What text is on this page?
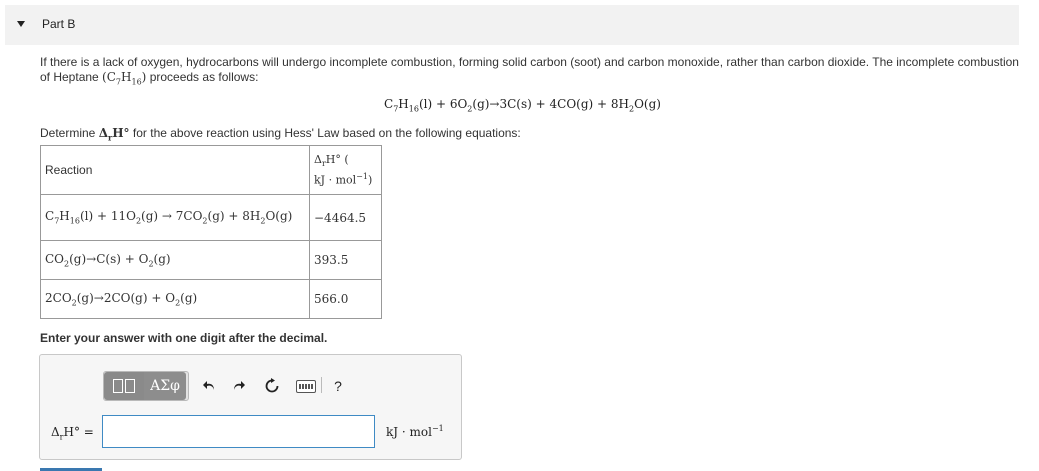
Part B
If there is a lack of oxygen, hydrocarbons will undergo incomplete combustion, forming solid carbon (soot) and carbon monoxide, rather than carbon dioxide. The incomplete combustion of Heptane $(C_7H_{16})$ proceeds as follows:
$C_7H_{16}(l) + 6O_2(g)\to 3C(s) + 4CO(g) + 8H_2O(g)$
Determine $\Delta_rH^\circ$ for the above reaction using Hess' Law based on the following equations:
Reaction	$\Delta_rH^\circ$ (
kJ · mol$^{-1}$)
$C_7H_{16}(l) + 11O_2(g) \to 7CO_2(g) + 8H_2O(g)$	−4464.5
$CO_2(g)\to C(s) + O_2(g)$	393.5
$2CO_2(g)\to 2CO(g) + O_2(g)$	566.0
Enter your answer with one digit after the decimal.
ΑΣφ	?
$\Delta_rH^\circ$ =	kJ · mol$^{-1}$
